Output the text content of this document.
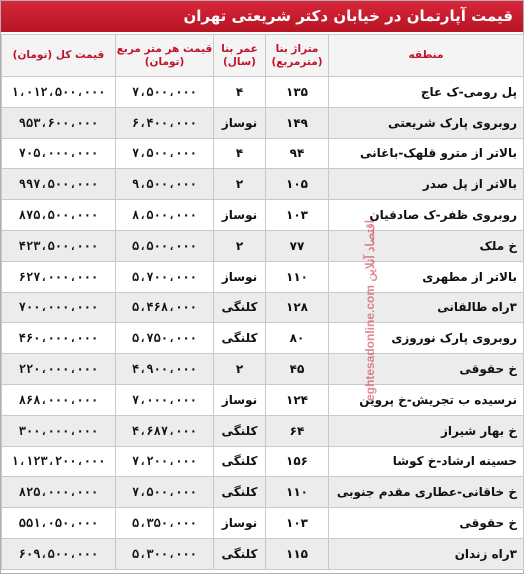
قیمت آپارتمان در خیابان دکتر شریعتی تهران
منطقه	متراژ بنا (مترمربع)	عمر بنا (سال)	قیمت هر متر مربع (تومان)	قیمت کل (تومان)
پل رومی-ک عاج	۱۳۵	۴	۷،۵۰۰،۰۰۰	۱،۰۱۲،۵۰۰،۰۰۰
روبروی پارک شریعتی	۱۴۹	نوساز	۶،۴۰۰،۰۰۰	۹۵۳،۶۰۰،۰۰۰
بالاتر از مترو قلهک-باغانی	۹۴	۴	۷،۵۰۰،۰۰۰	۷۰۵،۰۰۰،۰۰۰
بالاتر از پل صدر	۱۰۵	۲	۹،۵۰۰،۰۰۰	۹۹۷،۵۰۰،۰۰۰
روبروی ظفر-ک صادقیان	۱۰۳	نوساز	۸،۵۰۰،۰۰۰	۸۷۵،۵۰۰،۰۰۰
خ ملک	۷۷	۲	۵،۵۰۰،۰۰۰	۴۲۳،۵۰۰،۰۰۰
بالاتر از مطهری	۱۱۰	نوساز	۵،۷۰۰،۰۰۰	۶۲۷،۰۰۰،۰۰۰
۳راه طالقانی	۱۲۸	کلنگی	۵،۴۶۸،۰۰۰	۷۰۰،۰۰۰،۰۰۰
روبروی پارک نوروزی	۸۰	کلنگی	۵،۷۵۰،۰۰۰	۴۶۰،۰۰۰،۰۰۰
خ حقوقی	۴۵	۲	۴،۹۰۰،۰۰۰	۲۲۰،۰۰۰،۰۰۰
نرسیده ب تجریش-خ پروین	۱۲۴	نوساز	۷،۰۰۰،۰۰۰	۸۶۸،۰۰۰،۰۰۰
خ بهار شیراز	۶۴	کلنگی	۴،۶۸۷،۰۰۰	۳۰۰،۰۰۰،۰۰۰
حسینه ارشاد-خ کوشا	۱۵۶	کلنگی	۷،۲۰۰،۰۰۰	۱،۱۲۳،۲۰۰،۰۰۰
خ خاقانی-عطاری مقدم جنوبی	۱۱۰	کلنگی	۷،۵۰۰،۰۰۰	۸۲۵،۰۰۰،۰۰۰
خ حقوقی	۱۰۳	نوساز	۵،۳۵۰،۰۰۰	۵۵۱،۰۵۰،۰۰۰
۳راه زندان	۱۱۵	کلنگی	۵،۳۰۰،۰۰۰	۶۰۹،۵۰۰،۰۰۰
eghtesadonline.com اقتصاد آنلاین
